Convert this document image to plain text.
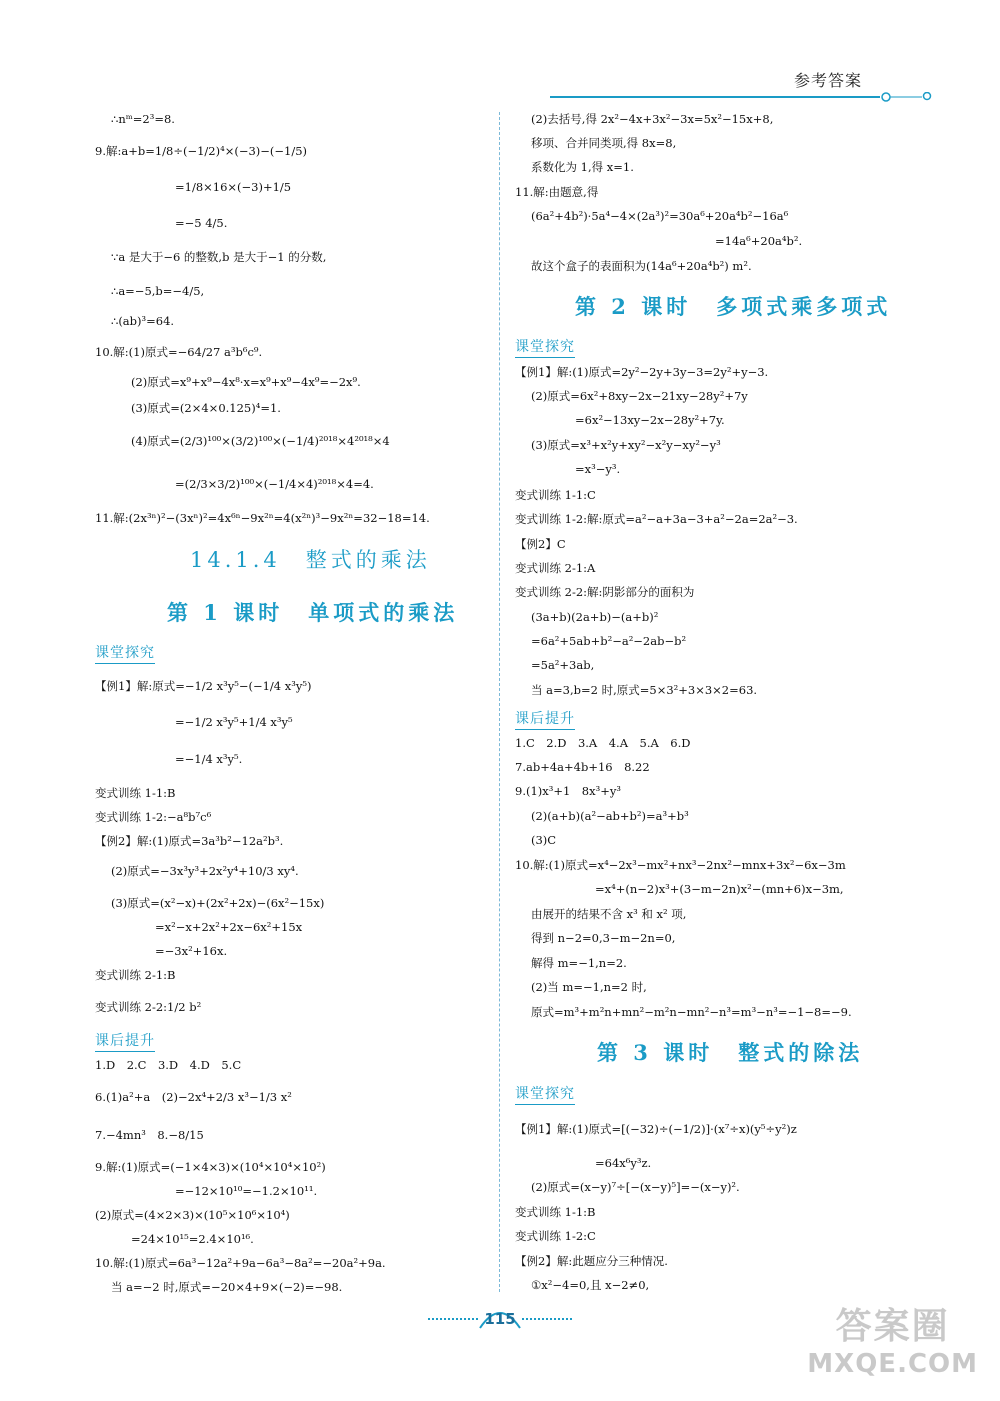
参考答案
∴nᵐ=2³=8.
9.解:a+b=1/8÷(−1/2)⁴×(−3)−(−1/5)
=1/8×16×(−3)+1/5
=−5 4/5.
∵a 是大于−6 的整数,b 是大于−1 的分数,
∴a=−5,b=−4/5,
∴(ab)³=64.
10.解:(1)原式=−64/27 a³b⁶c⁹.
(2)原式=x⁹+x⁹−4x⁸·x=x⁹+x⁹−4x⁹=−2x⁹.
(3)原式=(2×4×0.125)⁴=1.
(4)原式=(2/3)¹⁰⁰×(3/2)¹⁰⁰×(−1/4)²⁰¹⁸×4²⁰¹⁸×4
=(2/3×3/2)¹⁰⁰×(−1/4×4)²⁰¹⁸×4=4.
11.解:(2x³ⁿ)²−(3xⁿ)²=4x⁶ⁿ−9x²ⁿ=4(x²ⁿ)³−9x²ⁿ=32−18=14.
14.1.4　整式的乘法
第 1 课时　单项式的乘法
课堂探究
【例1】解:原式=−1/2 x³y⁵−(−1/4 x³y⁵)
=−1/2 x³y⁵+1/4 x³y⁵
=−1/4 x³y⁵.
变式训练 1-1:B
变式训练 1-2:−a⁸b⁷c⁶
【例2】解:(1)原式=3a³b²−12a²b³.
(2)原式=−3x³y³+2x²y⁴+10/3 xy⁴.
(3)原式=(x²−x)+(2x²+2x)−(6x²−15x)
=x²−x+2x²+2x−6x²+15x
=−3x²+16x.
变式训练 2-1:B
变式训练 2-2:1/2 b²
课后提升
1.D　2.C　3.D　4.D　5.C
6.(1)a²+a　(2)−2x⁴+2/3 x³−1/3 x²
7.−4mn³　8.−8/15
9.解:(1)原式=(−1×4×3)×(10⁴×10⁴×10²)
=−12×10¹⁰=−1.2×10¹¹.
(2)原式=(4×2×3)×(10⁵×10⁶×10⁴)
=24×10¹⁵=2.4×10¹⁶.
10.解:(1)原式=6a³−12a²+9a−6a³−8a²=−20a²+9a.
当 a=−2 时,原式=−20×4+9×(−2)=−98.
(2)去括号,得 2x²−4x+3x²−3x=5x²−15x+8,
移项、合并同类项,得 8x=8,
系数化为 1,得 x=1.
11.解:由题意,得
(6a²+4b²)·5a⁴−4×(2a³)²=30a⁶+20a⁴b²−16a⁶
=14a⁶+20a⁴b².
故这个盒子的表面积为(14a⁶+20a⁴b²) m².
第 2 课时　多项式乘多项式
课堂探究
【例1】解:(1)原式=2y²−2y+3y−3=2y²+y−3.
(2)原式=6x²+8xy−2x−21xy−28y²+7y
=6x²−13xy−2x−28y²+7y.
(3)原式=x³+x²y+xy²−x²y−xy²−y³
=x³−y³.
变式训练 1-1:C
变式训练 1-2:解:原式=a²−a+3a−3+a²−2a=2a²−3.
【例2】C
变式训练 2-1:A
变式训练 2-2:解:阴影部分的面积为
(3a+b)(2a+b)−(a+b)²
=6a²+5ab+b²−a²−2ab−b²
=5a²+3ab,
当 a=3,b=2 时,原式=5×3²+3×3×2=63.
课后提升
1.C　2.D　3.A　4.A　5.A　6.D
7.ab+4a+4b+16　8.22
9.(1)x³+1　8x³+y³
(2)(a+b)(a²−ab+b²)=a³+b³
(3)C
10.解:(1)原式=x⁴−2x³−mx²+nx³−2nx²−mnx+3x²−6x−3m
=x⁴+(n−2)x³+(3−m−2n)x²−(mn+6)x−3m,
由展开的结果不含 x³ 和 x² 项,
得到 n−2=0,3−m−2n=0,
解得 m=−1,n=2.
(2)当 m=−1,n=2 时,
原式=m³+m²n+mn²−m²n−mn²−n³=m³−n³=−1−8=−9.
第 3 课时　整式的除法
课堂探究
【例1】解:(1)原式=[(−32)÷(−1/2)]·(x⁷÷x)(y⁵÷y²)z
=64x⁶y³z.
(2)原式=(x−y)⁷÷[−(x−y)⁵]=−(x−y)².
变式训练 1-1:B
变式训练 1-2:C
【例2】解:此题应分三种情况.
①x²−4=0,且 x−2≠0,
115	答案圈
MXQE.COM
